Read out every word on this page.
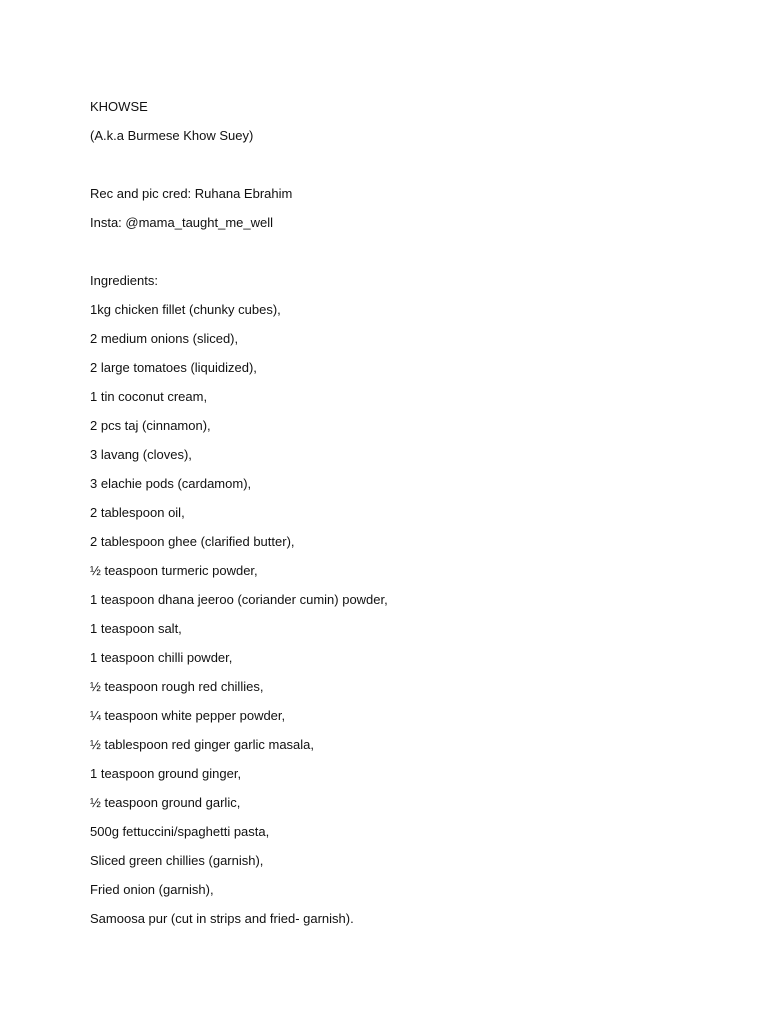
KHOWSE

(A.k.a Burmese Khow Suey)

Rec and pic cred: Ruhana Ebrahim

Insta: @mama_taught_me_well

Ingredients:

1kg chicken fillet (chunky cubes),

2 medium onions (sliced),

2 large tomatoes (liquidized),

1 tin coconut cream,

2 pcs taj (cinnamon),

3 lavang (cloves),

3 elachie pods (cardamom),

2 tablespoon oil,

2 tablespoon ghee (clarified butter),

½ teaspoon turmeric powder,

1 teaspoon dhana jeeroo (coriander cumin) powder,

1 teaspoon salt,

1 teaspoon chilli powder,

½ teaspoon rough red chillies,

¼ teaspoon white pepper powder,

½ tablespoon red ginger garlic masala,

1 teaspoon ground ginger,

½ teaspoon ground garlic,

500g fettuccini/spaghetti pasta,

Sliced green chillies (garnish),

Fried onion (garnish),

Samoosa pur (cut in strips and fried- garnish).
